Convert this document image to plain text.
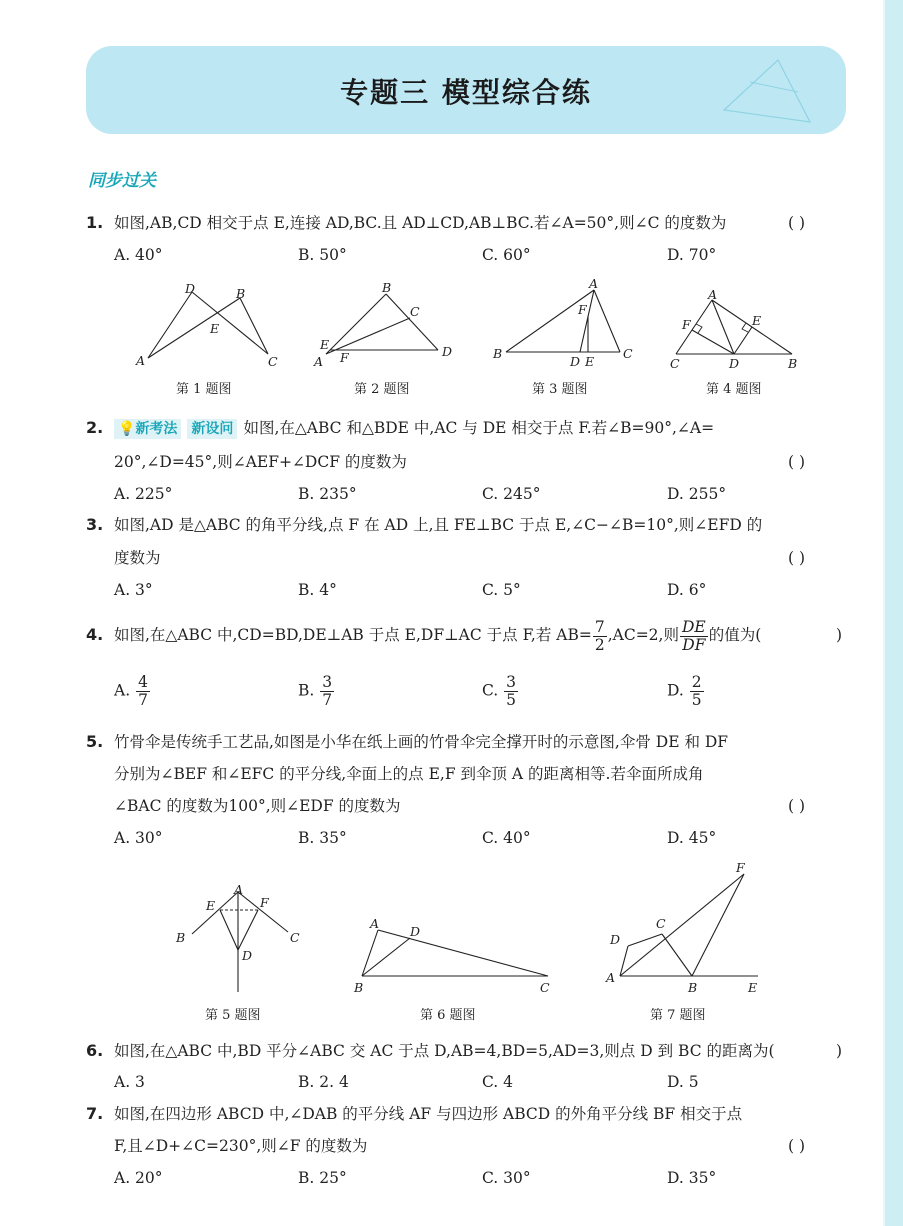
专题三 模型综合练
同步过关
1. 如图,AB,CD 相交于点 E,连接 AD,BC.且 AD⊥CD,AB⊥BC.若∠A=50°,则∠C 的度数为	( )
A. 40°	B. 50°	C. 60°	D. 70°
D	B
E
A	C
第 1 题图
B
C
E
A F	D
第 2 题图
A
F
B
D E
C
第 3 题图
A
F	E
C	D	B
第 4 题图
2. 💡新考法 新设问 如图,在△ABC 和△BDE 中,AC 与 DE 相交于点 F.若∠B=90°,∠A=
20°,∠D=45°,则∠AEF+∠DCF 的度数为	( )
A. 225°	B. 235°	C. 245°	D. 255°
3. 如图,AD 是△ABC 的角平分线,点 F 在 AD 上,且 FE⊥BC 于点 E,∠C−∠B=10°,则∠EFD 的
度数为	( )
A. 3°	B. 4°	C. 5°	D. 6°
4. 如图,在△ABC 中,CD=BD,DE⊥AB 于点 E,DF⊥AC 于点 F,若 $AB= \frac{7}{2} ,AC=2$,则 $\frac{DE}{DF}$ 的值为(	)
A. $\frac{4}{7}$	B. $\frac{3}{7}$	C. $\frac{3}{5}$	D. $\frac{2}{5}$
5. 竹骨伞是传统手工艺品,如图是小华在纸上画的竹骨伞完全撑开时的示意图,伞骨 DE 和 DF
分别为∠BEF 和∠EFC 的平分线,伞面上的点 E,F 到伞顶 A 的距离相等.若伞面所成角
∠BAC 的度数为100°,则∠EDF 的度数为	( )
A. 30°	B. 35°	C. 40°	D. 45°
A
E	F
B	C
D
第 5 题图
A
D
B	C
第 6 题图
F
C
D
A
B	E
第 7 题图
6. 如图,在△ABC 中,BD 平分∠ABC 交 AC 于点 D,AB=4,BD=5,AD=3,则点 D 到 BC 的距离为(	)
A. 3	B. 2. 4	C. 4	D. 5
7. 如图,在四边形 ABCD 中,∠DAB 的平分线 AF 与四边形 ABCD 的外角平分线 BF 相交于点
F,且∠D+∠C=230°,则∠F 的度数为	( )
A. 20°	B. 25°	C. 30°	D. 35°
